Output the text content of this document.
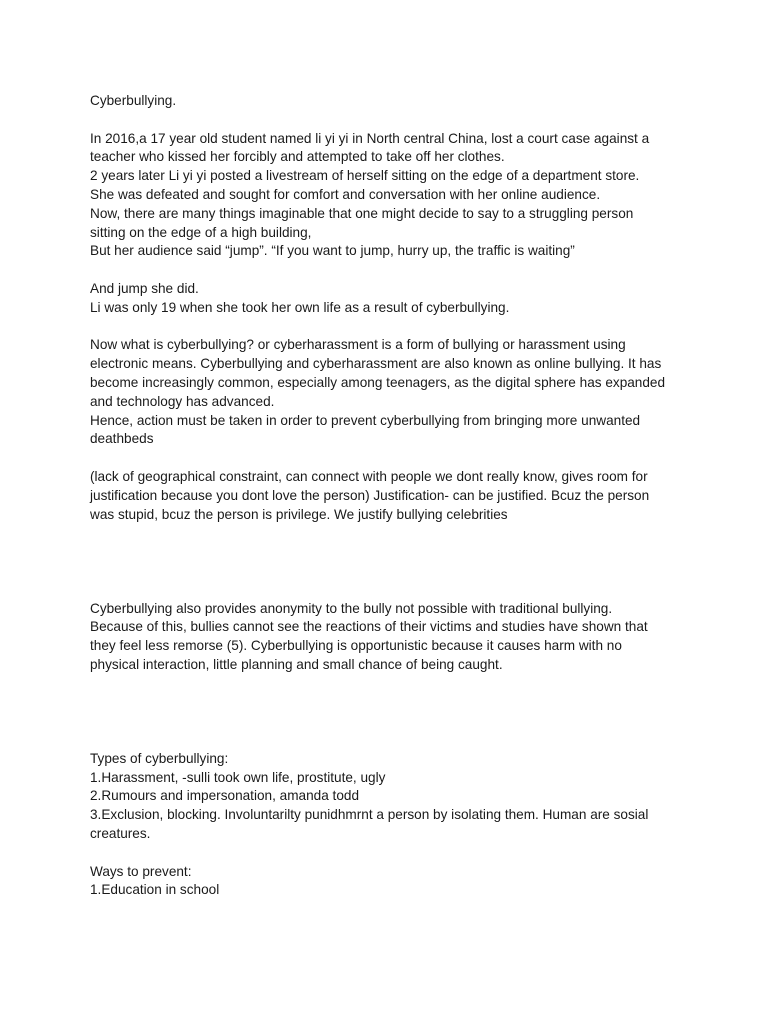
Cyberbullying.
In 2016,a 17 year old student named li yi yi in North central China, lost a court case against a
teacher who kissed her forcibly and attempted to take off her clothes.
2 years later Li yi yi posted a livestream of herself sitting on the edge of a department store.
She was defeated and sought for comfort and conversation with her online audience.
Now, there are many things imaginable that one might decide to say to a struggling person
sitting on the edge of a high building,
But her audience said “jump”. “If you want to jump, hurry up, the traffic is waiting”
And jump she did.
Li was only 19 when she took her own life as a result of cyberbullying.
Now what is cyberbullying? or cyberharassment is a form of bullying or harassment using
electronic means. Cyberbullying and cyberharassment are also known as online bullying. It has
become increasingly common, especially among teenagers, as the digital sphere has expanded
and technology has advanced.
Hence, action must be taken in order to prevent cyberbullying from bringing more unwanted
deathbeds
(lack of geographical constraint, can connect with people we dont really know, gives room for
justification because you dont love the person) Justification- can be justified. Bcuz the person
was stupid, bcuz the person is privilege. We justify bullying celebrities
Cyberbullying also provides anonymity to the bully not possible with traditional bullying.
Because of this, bullies cannot see the reactions of their victims and studies have shown that
they feel less remorse (5). Cyberbullying is opportunistic because it causes harm with no
physical interaction, little planning and small chance of being caught.
Types of cyberbullying:
1.Harassment, -sulli took own life, prostitute, ugly
2.Rumours and impersonation, amanda todd
3.Exclusion, blocking. Involuntarilty punidhmrnt a person by isolating them. Human are sosial
creatures.
Ways to prevent:
1.Education in school
